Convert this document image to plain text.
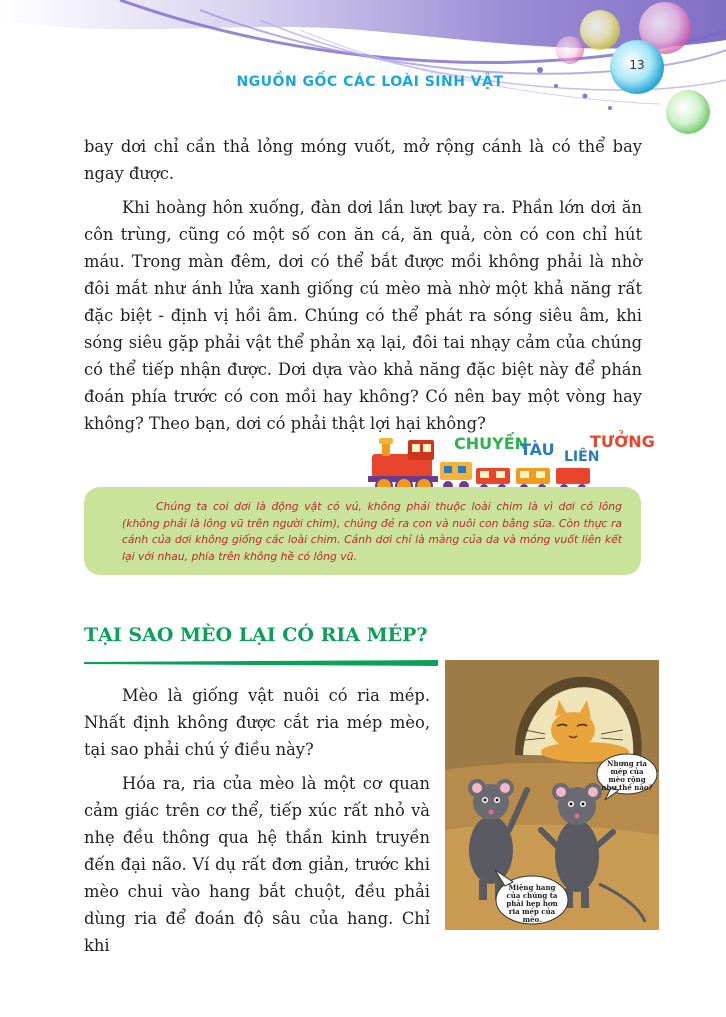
NGUỒN GỐC CÁC LOÀI SINH VẬT
13

bay dơi chỉ cần thả lỏng móng vuốt, mở rộng cánh là có thể bay ngay được.

Khi hoàng hôn xuống, đàn dơi lần lượt bay ra. Phần lớn dơi ăn côn trùng, cũng có một số con ăn cá, ăn quả, còn có con chỉ hút máu. Trong màn đêm, dơi có thể bắt được mồi không phải là nhờ đôi mắt như ánh lửa xanh giống cú mèo mà nhờ một khả năng rất đặc biệt - định vị hồi âm. Chúng có thể phát ra sóng siêu âm, khi sóng siêu gặp phải vật thể phản xạ lại, đôi tai nhạy cảm của chúng có thể tiếp nhận được. Dơi dựa vào khả năng đặc biệt này để phán đoán phía trước có con mồi hay không? Có nên bay một vòng hay không? Theo bạn, dơi có phải thật lợi hại không?

CHUYẾN
TÀU LIÊN
TƯỞNG

Chúng ta coi dơi là động vật có vú, không phải thuộc loài chim là vì dơi có lông (không phải là lông vũ trên người chim), chúng đẻ ra con và nuôi con bằng sữa. Còn thực ra cánh của dơi không giống các loài chim. Cánh dơi chỉ là màng của da và móng vuốt liên kết lại với nhau, phía trên không hề có lông vũ.

TẠI SAO MÈO LẠI CÓ RIA MÉP?

Mèo là giống vật nuôi có ria mép. Nhất định không được cắt ria mép mèo, tại sao phải chú ý điều này?

Hóa ra, ria của mèo là một cơ quan cảm giác trên cơ thể, tiếp xúc rất nhỏ và nhẹ đều thông qua hệ thần kinh truyền đến đại não. Ví dụ rất đơn giản, trước khi mèo chui vào hang bắt chuột, đều phải dùng ria để đoán độ sâu của hang. Chỉ khi

Nhưng ria mép của mèo rộng như thế nào?
Miệng hang của chúng ta phải hẹp hơn ria mép của mèo.
